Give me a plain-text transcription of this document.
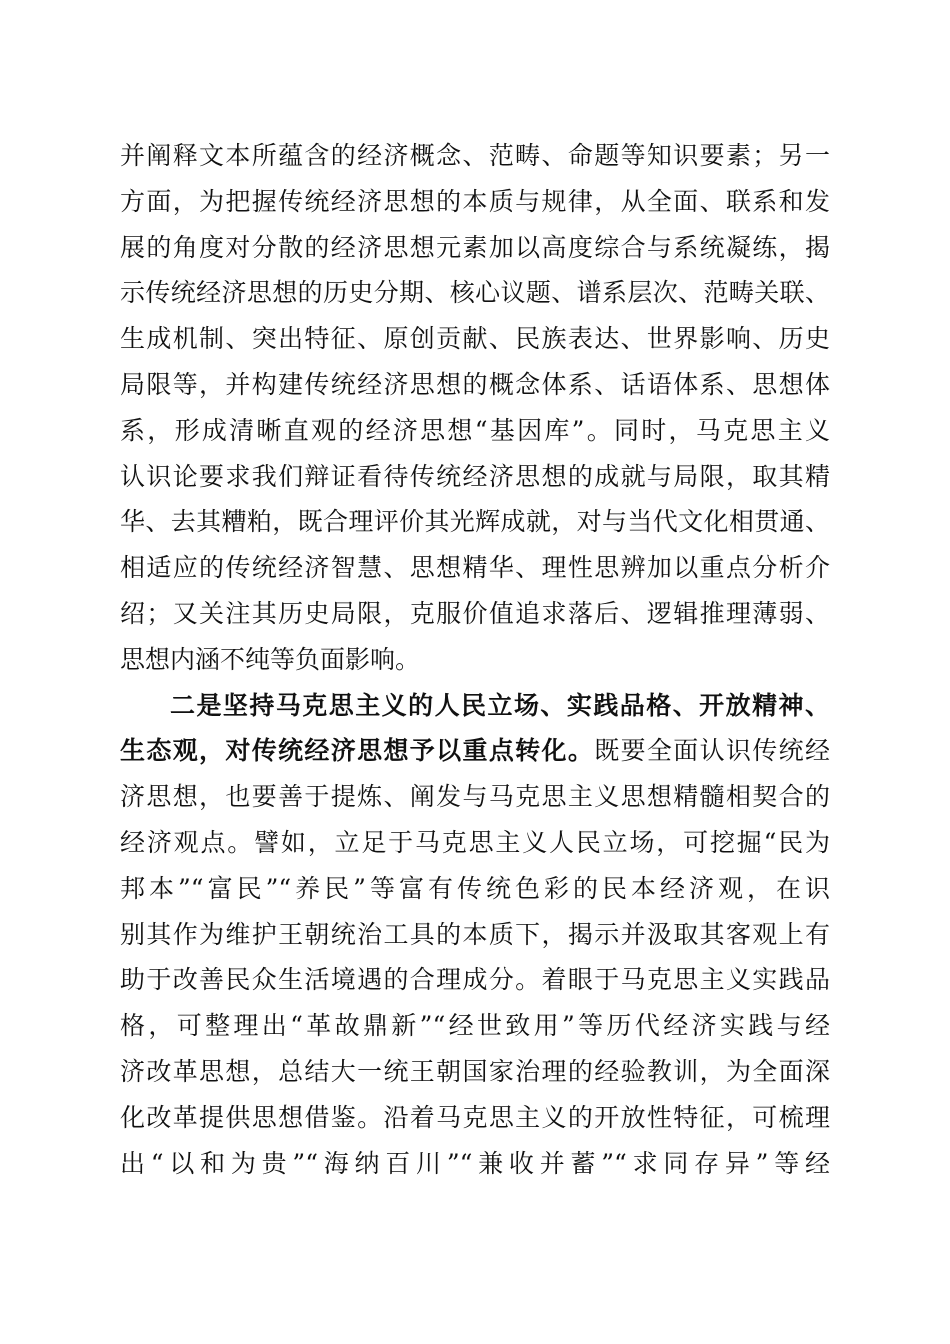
并阐释文本所蕴含的经济概念、范畴、命题等知识要素；另一
方面，为把握传统经济思想的本质与规律，从全面、联系和发
展的角度对分散的经济思想元素加以高度综合与系统凝练，揭
示传统经济思想的历史分期、核心议题、谱系层次、范畴关联、
生成机制、突出特征、原创贡献、民族表达、世界影响、历史
局限等，并构建传统经济思想的概念体系、话语体系、思想体
系，形成清晰直观的经济思想“基因库”。同时，马克思主义
认识论要求我们辩证看待传统经济思想的成就与局限，取其精
华、去其糟粕，既合理评价其光辉成就，对与当代文化相贯通、
相适应的传统经济智慧、思想精华、理性思辨加以重点分析介
绍；又关注其历史局限，克服价值追求落后、逻辑推理薄弱、
思想内涵不纯等负面影响。
二是坚持马克思主义的人民立场、实践品格、开放精神、
生态观，对传统经济思想予以重点转化。既要全面认识传统经
济思想，也要善于提炼、阐发与马克思主义思想精髓相契合的
经济观点。譬如，立足于马克思主义人民立场，可挖掘“民为
邦本”“富民”“养民”等富有传统色彩的民本经济观，在识
别其作为维护王朝统治工具的本质下，揭示并汲取其客观上有
助于改善民众生活境遇的合理成分。着眼于马克思主义实践品
格，可整理出“革故鼎新”“经世致用”等历代经济实践与经
济改革思想，总结大一统王朝国家治理的经验教训，为全面深
化改革提供思想借鉴。沿着马克思主义的开放性特征，可梳理
出“以和为贵”“海纳百川”“兼收并蓄”“求同存异”等经
